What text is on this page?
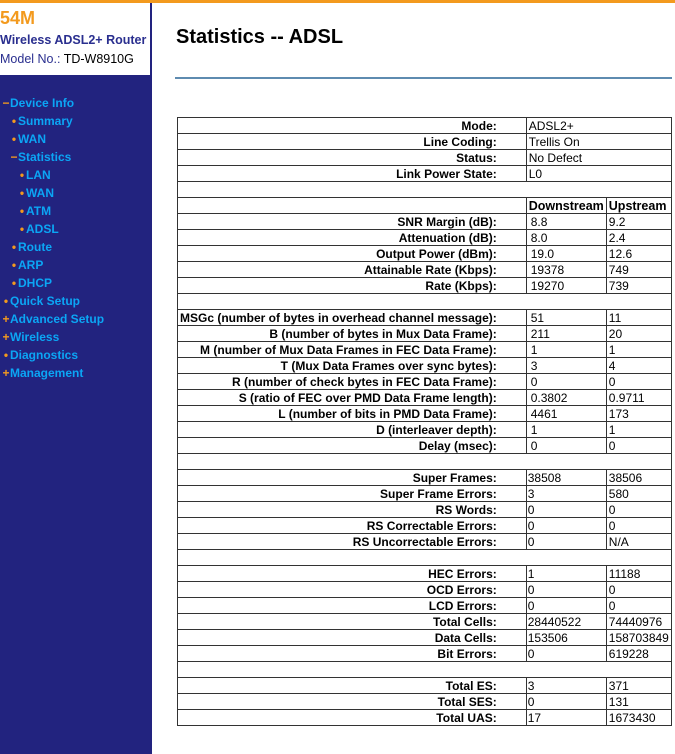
54M
Wireless ADSL2+ Router
Model No.: TD-W8910G
−Device Info
• Summary
• WAN
−Statistics
• LAN
• WAN
• ATM
• ADSL
• Route
• ARP
• DHCP
• Quick Setup
+Advanced Setup
+Wireless
• Diagnostics
+Management
Statistics -- ADSL
Mode:	ADSL2+	
Line Coding:	Trellis On	
Status:	No Defect	
Link Power State:	L0	

	Downstream	Upstream
SNR Margin (dB):	8.8	9.2
Attenuation (dB):	8.0	2.4
Output Power (dBm):	19.0	12.6
Attainable Rate (Kbps):	19378	749
Rate (Kbps):	19270	739

MSGc (number of bytes in overhead channel message):	51	11
B (number of bytes in Mux Data Frame):	211	20
M (number of Mux Data Frames in FEC Data Frame):	1	1
T (Mux Data Frames over sync bytes):	3	4
R (number of check bytes in FEC Data Frame):	0	0
S (ratio of FEC over PMD Data Frame length):	0.3802	0.9711
L (number of bits in PMD Data Frame):	4461	173
D (interleaver depth):	1	1
Delay (msec):	0	0

Super Frames:	38508	38506
Super Frame Errors:	3	580
RS Words:	0	0
RS Correctable Errors:	0	0
RS Uncorrectable Errors:	0	N/A

HEC Errors:	1	11188
OCD Errors:	0	0
LCD Errors:	0	0
Total Cells:	28440522	74440976
Data Cells:	153506	158703849
Bit Errors:	0	619228

Total ES:	3	371
Total SES:	0	131
Total UAS:	17	1673430
